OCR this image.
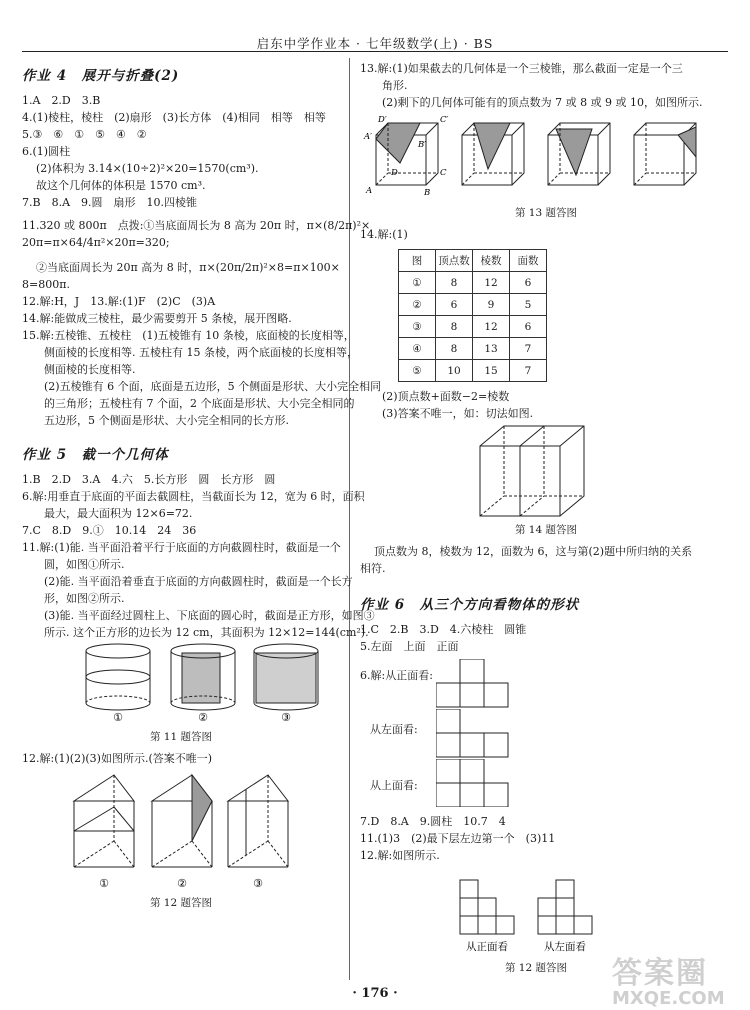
启东中学作业本 · 七年级数学(上) · BS
作业 4　展开与折叠(2)

1.A　2.D　3.B

4.(1)棱柱，棱柱　(2)扇形　(3)长方体　(4)相同　相等　相等

5.③　⑥　①　⑤　④　②

6.(1)圆柱

(2)体积为 3.14×(10÷2)²×20=1570(cm³).

故这个几何体的体积是 1570 cm³.

7.B　8.A　9.圆　扇形　10.四棱锥

11.320 或 800π　点拨:①当底面周长为 8 高为 20π 时，π×(8/2π)²×

20π=π×64/4π²×20π=320;

②当底面周长为 20π 高为 8 时，π×(20π/2π)²×8=π×100×

8=800π.

12.解:H，J　13.解:(1)F　(2)C　(3)A

14.解:能做成三棱柱，最少需要剪开 5 条棱，展开图略.

15.解:五棱锥、五棱柱　(1)五棱锥有 10 条棱，底面棱的长度相等，

侧面棱的长度相等. 五棱柱有 15 条棱，两个底面棱的长度相等，

侧面棱的长度相等.

(2)五棱锥有 6 个面，底面是五边形，5 个侧面是形状、大小完全相同

的三角形；五棱柱有 7 个面，2 个底面是形状、大小完全相同的

五边形，5 个侧面是形状、大小完全相同的长方形.

作业 5　截一个几何体

1.B　2.D　3.A　4.六　5.长方形　圆　长方形　圆

6.解:用垂直于底面的平面去截圆柱，当截面长为 12，宽为 6 时，面积

最大，最大面积为 12×6=72.

7.C　8.D　9.①　10.14　24　36

11.解:(1)能. 当平面沿着平行于底面的方向截圆柱时，截面是一个

圆，如图①所示.

(2)能. 当平面沿着垂直于底面的方向截圆柱时，截面是一个长方

形，如图②所示.

(3)能. 当平面经过圆柱上、下底面的圆心时，截面是正方形，如图③

所示. 这个正方形的边长为 12 cm，其面积为 12×12=144(cm²).

①	②	③
第 11 题答图

12.解:(1)(2)(3)如图所示.(答案不唯一)

①	②	③
第 12 题答图

13.解:(1)如果截去的几何体是一个三棱锥，那么截面一定是一个三

角形.

(2)剩下的几何体可能有的顶点数为 7 或 8 或 9 或 10，如图所示.

D′	C′
A′
B′
D	C
A	B
第 13 题答图

14.解:(1)

图	顶点数	棱数	面数
①	8	12	6
②	6	9	5
③	8	12	6
④	8	13	7
⑤	10	15	7

(2)顶点数+面数−2=棱数

(3)答案不唯一，如：切法如图.

第 14 题答图

顶点数为 8，棱数为 12，面数为 6，这与第(2)题中所归纳的关系

相符.

作业 6　从三个方向看物体的形状

1.C　2.B　3.D　4.六棱柱　圆锥

5.左面　上面　正面

6.解:从正面看:
从左面看:
从上面看:

7.D　8.A　9.圆柱　10.7　4

11.(1)3　(2)最下层左边第一个　(3)11

12.解:如图所示.

从正面看	从左面看
第 12 题答图
· 176 ·
答案圈
MXQE.COM
